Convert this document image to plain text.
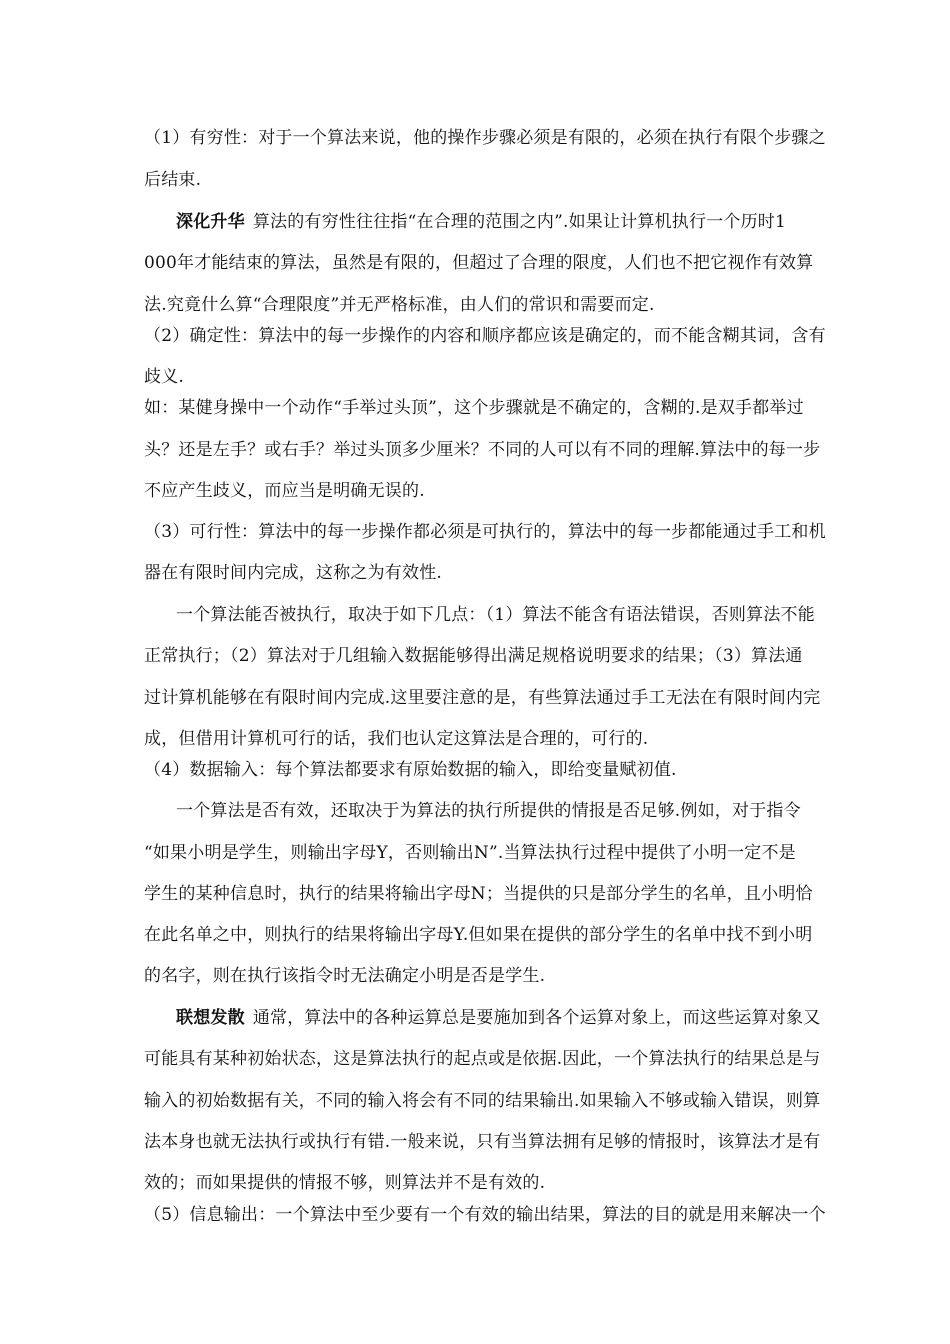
（1）有穷性：对于一个算法来说，他的操作步骤必须是有限的，必须在执行有限个步骤之
后结束.
深化升华 算法的有穷性往往指“在合理的范围之内”.如果让计算机执行一个历时1
000年才能结束的算法，虽然是有限的，但超过了合理的限度，人们也不把它视作有效算
法.究竟什么算“合理限度”并无严格标准，由人们的常识和需要而定.
（2）确定性：算法中的每一步操作的内容和顺序都应该是确定的，而不能含糊其词，含有
歧义.
如：某健身操中一个动作“手举过头顶”，这个步骤就是不确定的，含糊的.是双手都举过
头？还是左手？或右手？举过头顶多少厘米？不同的人可以有不同的理解.算法中的每一步
不应产生歧义，而应当是明确无误的.
（3）可行性：算法中的每一步操作都必须是可执行的，算法中的每一步都能通过手工和机
器在有限时间内完成，这称之为有效性.
一个算法能否被执行，取决于如下几点：（1）算法不能含有语法错误，否则算法不能
正常执行；（2）算法对于几组输入数据能够得出满足规格说明要求的结果；（3）算法通
过计算机能够在有限时间内完成.这里要注意的是，有些算法通过手工无法在有限时间内完
成，但借用计算机可行的话，我们也认定这算法是合理的，可行的.
（4）数据输入：每个算法都要求有原始数据的输入，即给变量赋初值.
一个算法是否有效，还取决于为算法的执行所提供的情报是否足够.例如，对于指令
“如果小明是学生，则输出字母Y，否则输出N”.当算法执行过程中提供了小明一定不是
学生的某种信息时，执行的结果将输出字母N；当提供的只是部分学生的名单，且小明恰
在此名单之中，则执行的结果将输出字母Y.但如果在提供的部分学生的名单中找不到小明
的名字，则在执行该指令时无法确定小明是否是学生.
联想发散 通常，算法中的各种运算总是要施加到各个运算对象上，而这些运算对象又
可能具有某种初始状态，这是算法执行的起点或是依据.因此，一个算法执行的结果总是与
输入的初始数据有关，不同的输入将会有不同的结果输出.如果输入不够或输入错误，则算
法本身也就无法执行或执行有错.一般来说，只有当算法拥有足够的情报时，该算法才是有
效的；而如果提供的情报不够，则算法并不是有效的.
（5）信息输出：一个算法中至少要有一个有效的输出结果，算法的目的就是用来解决一个
